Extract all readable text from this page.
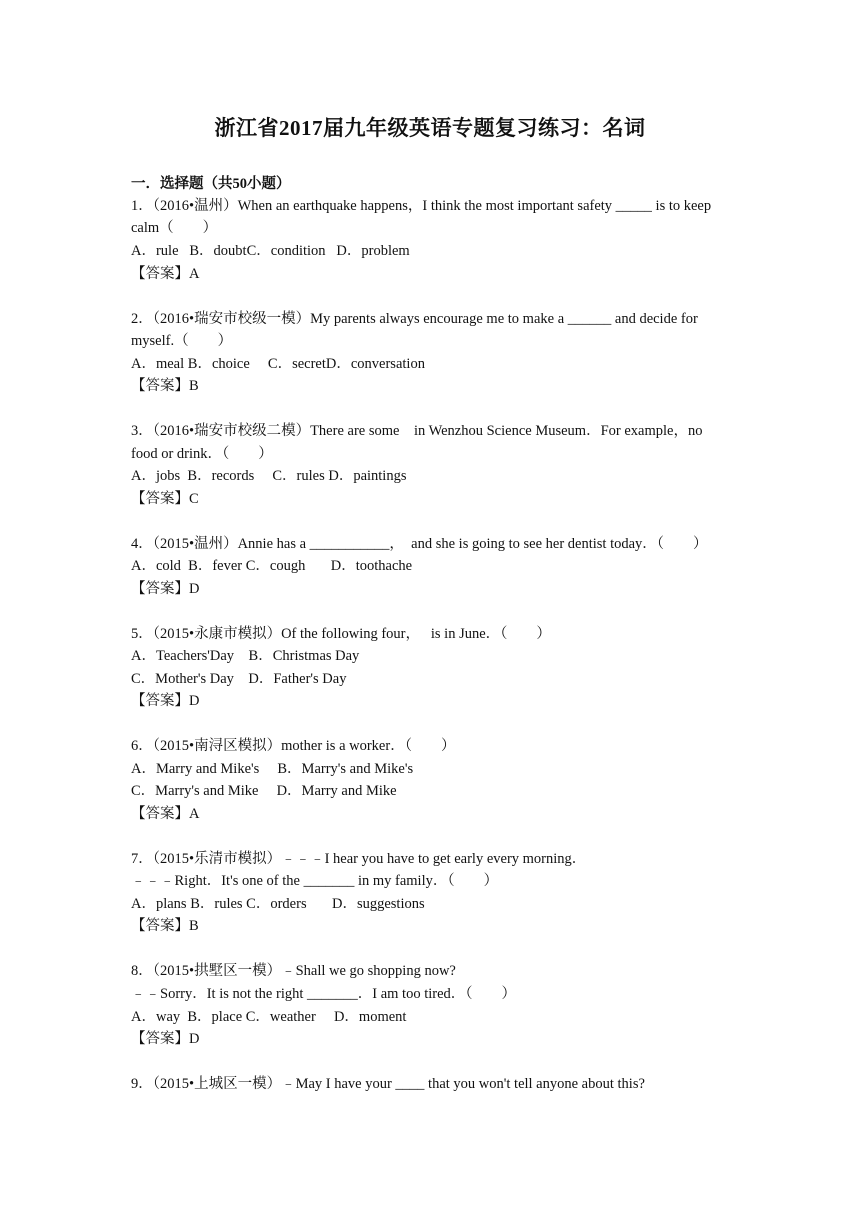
浙江省2017届九年级英语专题复习练习：名词
一．选择题（共50小题）
1．（2016•温州）When an earthquake happens，I think the most important safety _____ is to keep
calm（　　）
A．rule   B．doubtC．condition   D．problem
【答案】A
2．（2016•瑞安市校级一模）My parents always encourage me to make a ______ and decide for
myself.（　　）
A．meal B．choice     C．secretD．conversation
【答案】B
3．（2016•瑞安市校级二模）There are some    in Wenzhou Science Museum．For example，no
food or drink．（　　）
A．jobs  B．records     C．rules D．paintings
【答案】C
4．（2015•温州）Annie has a ___________，  and she is going to see her dentist today．（　　）
A．cold  B．fever C．cough       D．toothache
【答案】D
5．（2015•永康市模拟）Of the following four，   is in June．（　　）
A．Teachers'Day    B．Christmas Day
C．Mother's Day    D．Father's Day
【答案】D
6．（2015•南浔区模拟）mother is a worker．（　　）
A．Marry and Mike's     B．Marry's and Mike's
C．Marry's and Mike     D．Marry and Mike
【答案】A
7．（2015•乐清市模拟）﹣﹣﹣I hear you have to get early every morning．
﹣﹣﹣Right．It's one of the _______ in my family．（　　）
A．plans B．rules C．orders       D．suggestions
【答案】B
8．（2015•拱墅区一模）﹣Shall we go shopping now?
﹣﹣Sorry．It is not the right _______．I am too tired．（　　）
A．way  B．place C．weather     D．moment
【答案】D
9．（2015•上城区一模）﹣May I have your ____ that you won't tell anyone about this?
